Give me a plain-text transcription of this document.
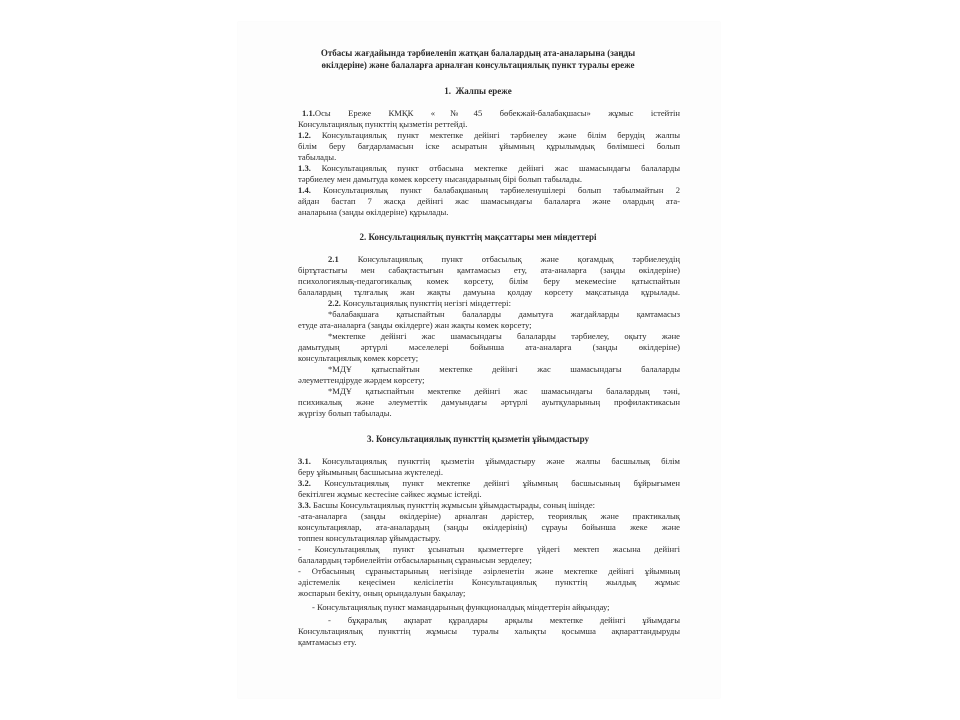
Отбасы жағдайында тәрбиеленіп жатқан балалардың ата-аналарына (заңды
өкілдеріне) және балаларға арналған консультациялық пункт туралы ереже
1.  Жалпы ереже
1.1.Осы Ереже КМҚК «№45 бөбекжай-балабақшасы» жұмыс істейтін
Консультациялық пункттің қызметін реттейді.
1.2. Консультациялық пункт мектепке дейінгі тәрбиелеу және білім берудің жалпы
білім беру бағдарламасын іске асыратын ұйымның құрылымдық бөлімшесі болып
табылады.
1.3. Консультациялық пункт отбасына мектепке дейінгі жас шамасындағы балаларды
тәрбиелеу мен дамытуда көмек көрсету нысандарының бірі болып табылады.
1.4. Консультациялық пункт балабақшаның тәрбиеленушілері болып табылмайтын 2
айдан бастап 7 жасқа дейінгі жас шамасындағы балаларға және олардың ата-
аналарына (заңды өкілдеріне) құрылады.
2. Консультациялық пункттің мақсаттары мен міндеттері
2.1 Консультациялық пункт отбасылық және қоғамдық тәрбиелеудің
біртұтастығы мен сабақтастығын қамтамасыз ету, ата-аналарға (заңды өкілдеріне)
психологиялық-педагогикалық көмек көрсету, білім беру мекемесіне қатыспайтын
балалардың тұлғалық жан жақты дамуына қолдау көрсету мақсатында құрылады.
2.2. Консультациялық пункттің негізгі міндеттері:
*балабақшаға қатыспайтын балаларды дамытуға жағдайларды қамтамасыз
етуде ата-аналарға (заңды өкілдерге) жан жақты көмек көрсету;
*мектепке дейінгі жас шамасындағы балаларды тәрбиелеу, оқыту және
дамытудың әртүрлі мәселелері бойынша ата-аналарға (заңды өкілдеріне)
консультациялық көмек көрсету;
*МДҰ қатыспайтын мектепке дейінгі жас шамасындағы балаларды
әлеуметтендіруде жәрдем көрсету;
*МДҰ қатыспайтын мектепке дейінгі жас шамасындағы балалардың тәні,
психикалық және әлеуметтік дамуындағы әртүрлі ауытқуларының профилактикасын
жүргізу болып табылады.
3. Консультациялық пункттің қызметін ұйымдастыру
3.1. Консультациялық пункттің қызметін ұйымдастыру және жалпы басшылық білім
беру ұйымының басшысына жүктеледі.
3.2. Консультациялық пункт мектепке дейінгі ұйымның басшысының бұйрығымен
бекітілген жұмыс кестесіне сәйкес жұмыс істейді.
3.3. Басшы Консультациялық пункттің жұмысын ұйымдастырады, соның ішінде:
-ата-аналарға (заңды өкілдеріне) арналған дәрістер, теориялық және практикалық
консультациялар, ата-аналардың (заңды өкілдерінің) сұрауы бойынша жеке және
топпен консультациялар ұйымдастыру.
- Консультациялық пункт ұсынатын қызметтерге үйдегі мектеп жасына дейінгі
балалардың тәрбиелейтін отбасыларының сұранысын зерделеу;
- Отбасының сұраныстарының негізінде әзірленетін және мектепке дейінгі ұйымның
әдістемелік кеңесімен келісілетін Консультациялық пункттің жылдық жұмыс
жоспарын бекіту, оның орындалуын бақылау;
- Консультациялық пункт мамандарының функционалдық міндеттерін айқындау;
- бұқаралық ақпарат құралдары арқылы мектепке дейінгі ұйымдағы
Консультациялық пункттің жұмысы туралы халықты қосымша ақпараттандыруды
қамтамасыз ету.
